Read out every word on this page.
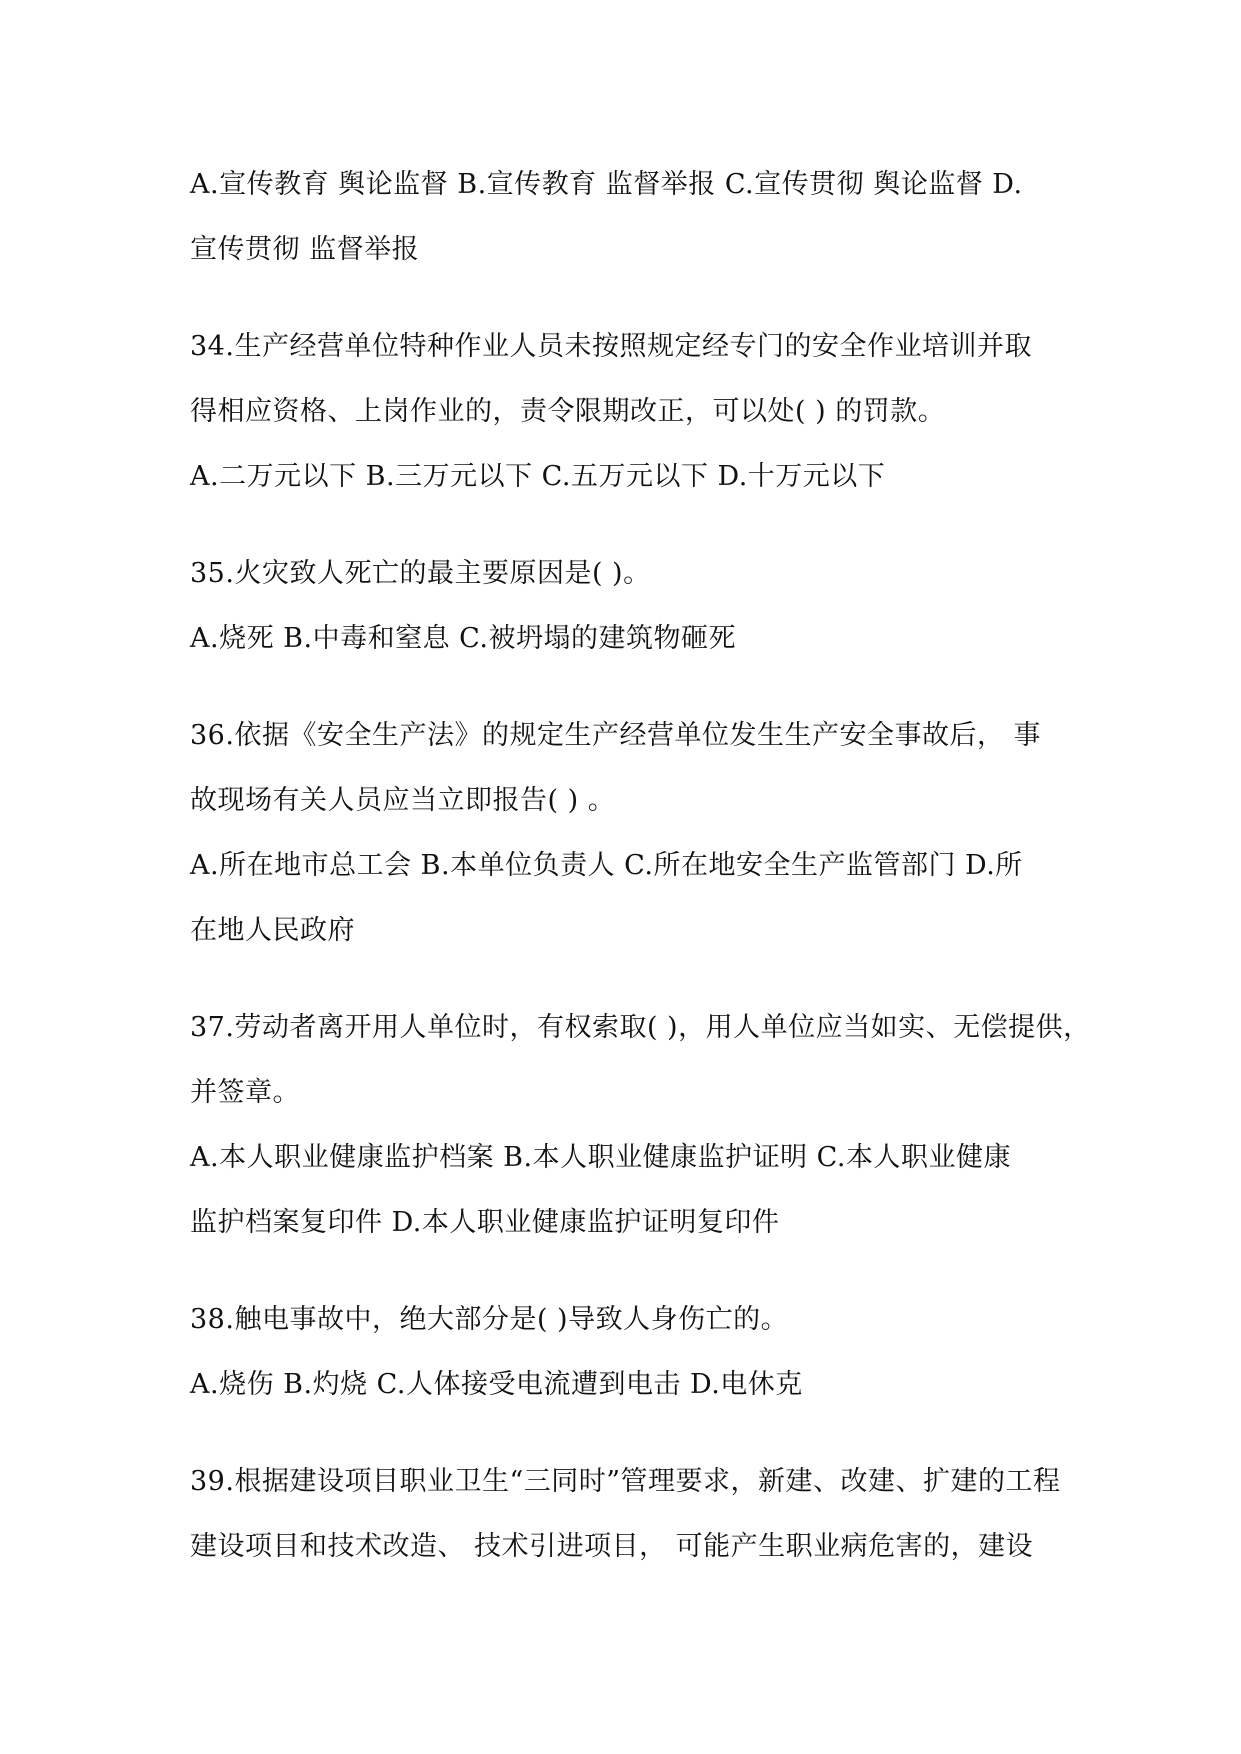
A.宣传教育 舆论监督 B.宣传教育 监督举报 C.宣传贯彻 舆论监督 D.
宣传贯彻 监督举报
34.生产经营单位特种作业人员未按照规定经专门的安全作业培训并取
得相应资格、上岗作业的，责令限期改正，可以处( ) 的罚款。
A.二万元以下 B.三万元以下 C.五万元以下 D.十万元以下
35.火灾致人死亡的最主要原因是( )。
A.烧死 B.中毒和窒息 C.被坍塌的建筑物砸死
36.依据《安全生产法》的规定生产经营单位发生生产安全事故后， 事
故现场有关人员应当立即报告( ) 。
A.所在地市总工会 B.本单位负责人 C.所在地安全生产监管部门 D.所
在地人民政府
37.劳动者离开用人单位时，有权索取( )，用人单位应当如实、无偿提供，
并签章。
A.本人职业健康监护档案 B.本人职业健康监护证明 C.本人职业健康
监护档案复印件 D.本人职业健康监护证明复印件
38.触电事故中，绝大部分是( )导致人身伤亡的。
A.烧伤 B.灼烧 C.人体接受电流遭到电击 D.电休克
39.根据建设项目职业卫生“三同时”管理要求，新建、改建、扩建的工程
建设项目和技术改造、 技术引进项目， 可能产生职业病危害的，建设
